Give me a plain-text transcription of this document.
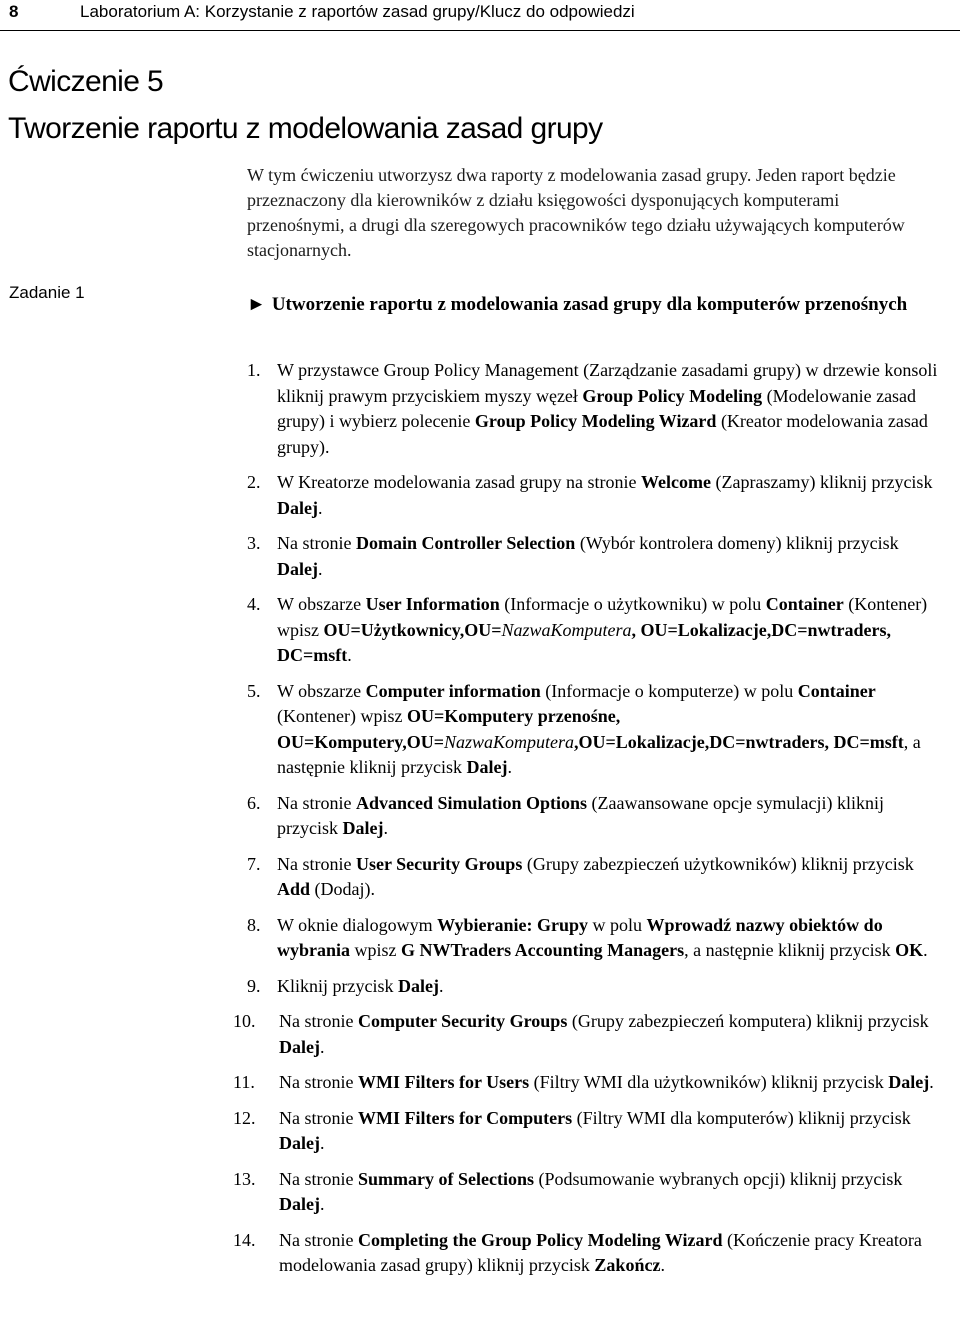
8	Laboratorium A: Korzystanie z raportów zasad grupy/Klucz do odpowiedzi
Ćwiczenie 5
Tworzenie raportu z modelowania zasad grupy
W tym ćwiczeniu utworzysz dwa raporty z modelowania zasad grupy. Jeden raport będzie przeznaczony dla kierowników z działu księgowości dysponujących komputerami przenośnymi, a drugi dla szeregowych pracowników tego działu używających komputerów stacjonarnych.
Zadanie 1
► Utworzenie raportu z modelowania zasad grupy dla komputerów przenośnych
1. W przystawce Group Policy Management (Zarządzanie zasadami grupy) w drzewie konsoli kliknij prawym przyciskiem myszy węzeł Group Policy Modeling (Modelowanie zasad grupy) i wybierz polecenie Group Policy Modeling Wizard (Kreator modelowania zasad grupy).
2. W Kreatorze modelowania zasad grupy na stronie Welcome (Zapraszamy) kliknij przycisk Dalej.
3. Na stronie Domain Controller Selection (Wybór kontrolera domeny) kliknij przycisk Dalej.
4. W obszarze User Information (Informacje o użytkowniku) w polu Container (Kontener) wpisz OU=Użytkownicy,OU=NazwaKomputera, OU=Lokalizacje,DC=nwtraders, DC=msft.
5. W obszarze Computer information (Informacje o komputerze) w polu Container (Kontener) wpisz OU=Komputery przenośne, OU=Komputery,OU=NazwaKomputera,OU=Lokalizacje,DC=nwtraders, DC=msft, a następnie kliknij przycisk Dalej.
6. Na stronie Advanced Simulation Options (Zaawansowane opcje symulacji) kliknij przycisk Dalej.
7. Na stronie User Security Groups (Grupy zabezpieczeń użytkowników) kliknij przycisk Add (Dodaj).
8. W oknie dialogowym Wybieranie: Grupy w polu Wprowadź nazwy obiektów do wybrania wpisz G NWTraders Accounting Managers, a następnie kliknij przycisk OK.
9. Kliknij przycisk Dalej.
10. Na stronie Computer Security Groups (Grupy zabezpieczeń komputera) kliknij przycisk Dalej.
11. Na stronie WMI Filters for Users (Filtry WMI dla użytkowników) kliknij przycisk Dalej.
12. Na stronie WMI Filters for Computers (Filtry WMI dla komputerów) kliknij przycisk Dalej.
13. Na stronie Summary of Selections (Podsumowanie wybranych opcji) kliknij przycisk Dalej.
14. Na stronie Completing the Group Policy Modeling Wizard (Kończenie pracy Kreatora modelowania zasad grupy) kliknij przycisk Zakończ.
